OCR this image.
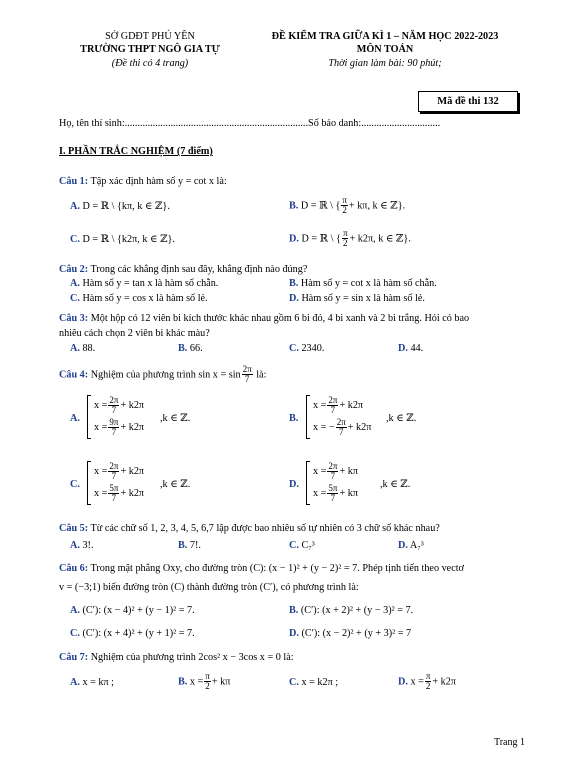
SỞ GDĐT PHÚ YÊN
TRƯỜNG THPT NGÔ GIA TỰ
(Đề thi có 4 trang)
ĐỀ KIỂM TRA GIỮA KÌ 1 – NĂM HỌC 2022-2023
MÔN TOÁN
Thời gian làm bài: 90 phút;
Mã đề thi 132
Họ, tên thí sinh:........................................................................Số báo danh:...............................
I. PHẦN TRẮC NGHIỆM (7 điểm)
Câu 1: Tập xác định hàm số y = cot x là:
A. D = ℝ \ {kπ, k ∈ ℤ}.	B. D = ℝ \ { $\frac{\pi}{2} + k\pi$, k ∈ ℤ}.
C. D = ℝ \ {k2π, k ∈ ℤ}.	D. D = ℝ \ { $\frac{\pi}{2} + k2\pi$, k ∈ ℤ}.
Câu 2: Trong các khẳng định sau đây, khẳng định nào đúng?
A. Hàm số y = tan x là hàm số chẵn.	B. Hàm số y = cot x là hàm số chẵn.
C. Hàm số y = cos x là hàm số lẻ.	D. Hàm số y = sin x là hàm số lẻ.
Câu 3: Một hộp có 12 viên bi kích thước khác nhau gồm 6 bi đỏ, 4 bi xanh và 2 bi trắng. Hỏi có bao
nhiêu cách chọn 2 viên bi khác màu?
A. 88.	B. 66.	C. 2340.	D. 44.
Câu 4: Nghiệm của phương trình $\sin x = \sin \frac{2\pi}{7}$ là:
A.
$x = \frac{2\pi}{7} + k2\pi$
$x = \frac{9\pi}{7} + k2\pi$
,k ∈ ℤ.	B.
$x = \frac{2\pi}{7} + k2\pi$
x = − $\frac{2\pi}{7} + k2\pi$
,k ∈ ℤ.
C.
$x = \frac{2\pi}{7} + k2\pi$
$x = \frac{5\pi}{7} + k2\pi$
,k ∈ ℤ.	D.
$x = \frac{2\pi}{7} + k\pi$
$x = \frac{5\pi}{7} + k\pi$
,k ∈ ℤ.
Câu 5: Từ các chữ số 1, 2, 3, 4, 5, 6,7 lập được bao nhiêu số tự nhiên có 3 chữ số khác nhau?
A. 3!.	B. 7!.	C. C₇³	D. A₇³
Câu 6: Trong mặt phẳng Oxy, cho đường tròn (C): (x − 1)² + (y − 2)² = 7. Phép tịnh tiến theo vectơ
v = (−3;1) biến đường tròn (C) thành đường tròn (C′), có phương trình là:
A. (C′): (x − 4)² + (y − 1)² = 7.	B. (C′): (x + 2)² + (y − 3)² = 7.
C. (C′): (x + 4)² + (y + 1)² = 7.	D. (C′): (x − 2)² + (y + 3)² = 7
Câu 7: Nghiệm của phương trình 2cos² x − 3cos x = 0 là:
A. x = kπ ;	B. $x = \frac{\pi}{2} + k\pi$	C. x = k2π ;	D. $x = \frac{\pi}{2} + k2\pi$
Trang 1
